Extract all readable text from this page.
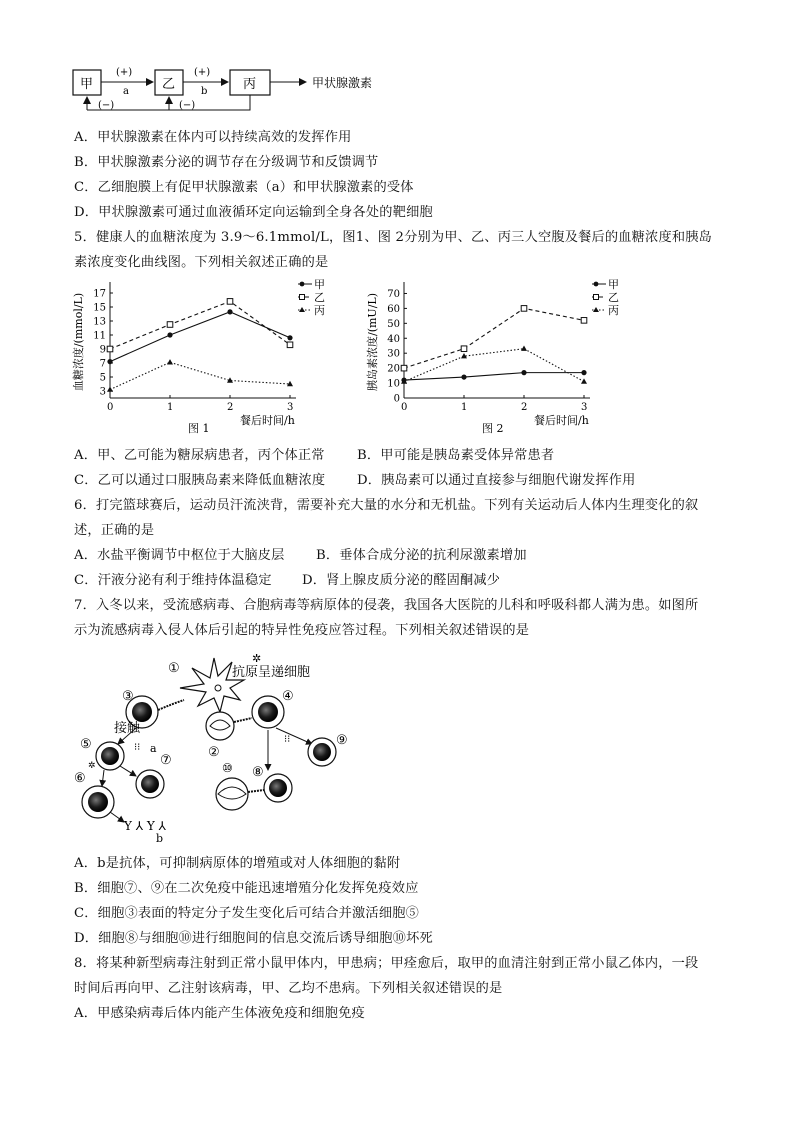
甲	乙	丙
(+)
a
(+)
b
(−)	(−)
甲状腺激素
A．甲状腺激素在体内可以持续高效的发挥作用
B．甲状腺激素分泌的调节存在分级调节和反馈调节
C．乙细胞膜上有促甲状腺激素（a）和甲状腺激素的受体
D．甲状腺激素可通过血液循环定向运输到全身各处的靶细胞
5．健康人的血糖浓度为 3.9～6.1mmol/L，图1、图 2分别为甲、乙、丙三人空腹及餐后的血糖浓度和胰岛
素浓度变化曲线图。下列相关叙述正确的是
0	1	2	3
3
5
7
9
11
13
15
17
血糖浓度/(mmol/L)
餐后时间/h
图 1
甲
乙
丙
0	1	2	3
0
10
20
30
40
50
60
70
胰岛素浓度/(mU/L)
餐后时间/h
图 2
甲
乙
丙
A．甲、乙可能为糖尿病患者，丙个体正常 B．甲可能是胰岛素受体异常患者
C．乙可以通过口服胰岛素来降低血糖浓度 D．胰岛素可以通过直接参与细胞代谢发挥作用
6．打完篮球赛后，运动员汗流浃背，需要补充大量的水分和无机盐。下列有关运动后人体内生理变化的叙
述，正确的是
A．水盐平衡调节中枢位于大脑皮层 B．垂体合成分泌的抗利尿激素增加
C．汗液分泌有利于维持体温稳定 D．肾上腺皮质分泌的醛固酮减少
7．入冬以来，受流感病毒、合胞病毒等病原体的侵袭，我国各大医院的儿科和呼吸科都人满为患。如图所
示为流感病毒入侵人体后引起的特异性免疫应答过程。下列相关叙述错误的是
①	抗原呈递细胞
✲
③
②
④
⁝⁝	⑨
⑩ ⑧
接触
a
⁝⁝
⑤
⑦
⑥
✲
Y ⅄ Y ⅄
b
A．b是抗体，可抑制病原体的增殖或对人体细胞的黏附
B．细胞⑦、⑨在二次免疫中能迅速增殖分化发挥免疫效应
C．细胞③表面的特定分子发生变化后可结合并激活细胞⑤
D．细胞⑧与细胞⑩进行细胞间的信息交流后诱导细胞⑩坏死
8．将某种新型病毒注射到正常小鼠甲体内，甲患病；甲痊愈后，取甲的血清注射到正常小鼠乙体内，一段
时间后再向甲、乙注射该病毒，甲、乙均不患病。下列相关叙述错误的是
A．甲感染病毒后体内能产生体液免疫和细胞免疫
